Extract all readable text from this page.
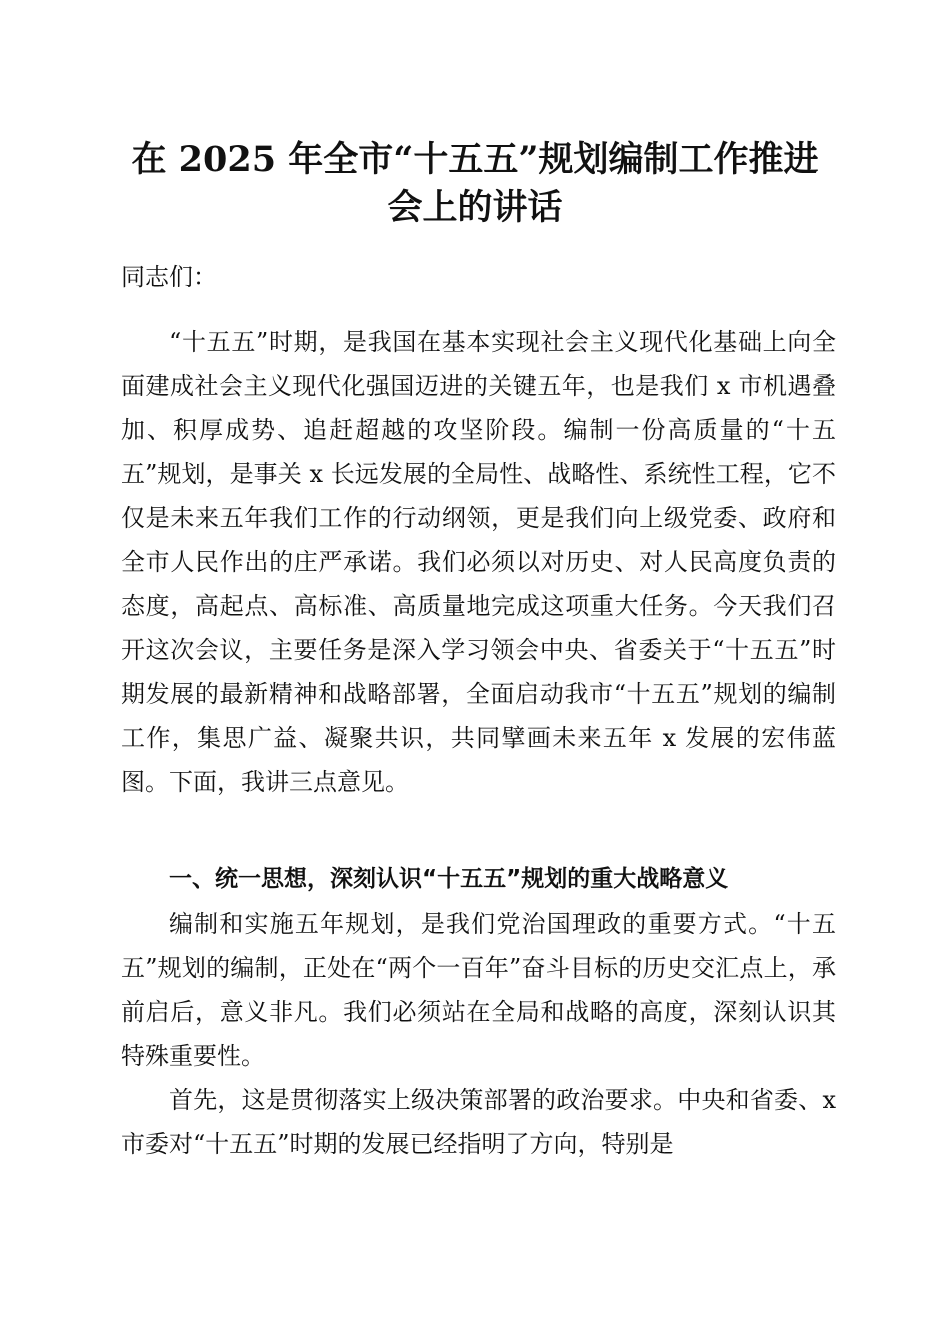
在 2025 年全市“十五五”规划编制工作推进
会上的讲话

同志们：

“十五五”时期，是我国在基本实现社会主义现代化基础上向全面建成社会主义现代化强国迈进的关键五年，也是我们 x 市机遇叠加、积厚成势、追赶超越的攻坚阶段。编制一份高质量的“十五五”规划，是事关 x 长远发展的全局性、战略性、系统性工程，它不仅是未来五年我们工作的行动纲领，更是我们向上级党委、政府和全市人民作出的庄严承诺。我们必须以对历史、对人民高度负责的态度，高起点、高标准、高质量地完成这项重大任务。今天我们召开这次会议，主要任务是深入学习领会中央、省委关于“十五五”时期发展的最新精神和战略部署，全面启动我市“十五五”规划的编制工作，集思广益、凝聚共识，共同擘画未来五年 x 发展的宏伟蓝图。下面，我讲三点意见。

一、统一思想，深刻认识“十五五”规划的重大战略意义

编制和实施五年规划，是我们党治国理政的重要方式。“十五五”规划的编制，正处在“两个一百年”奋斗目标的历史交汇点上，承前启后，意义非凡。我们必须站在全局和战略的高度，深刻认识其特殊重要性。

首先，这是贯彻落实上级决策部署的政治要求。中央和省委、x 市委对“十五五”时期的发展已经指明了方向，特别是
